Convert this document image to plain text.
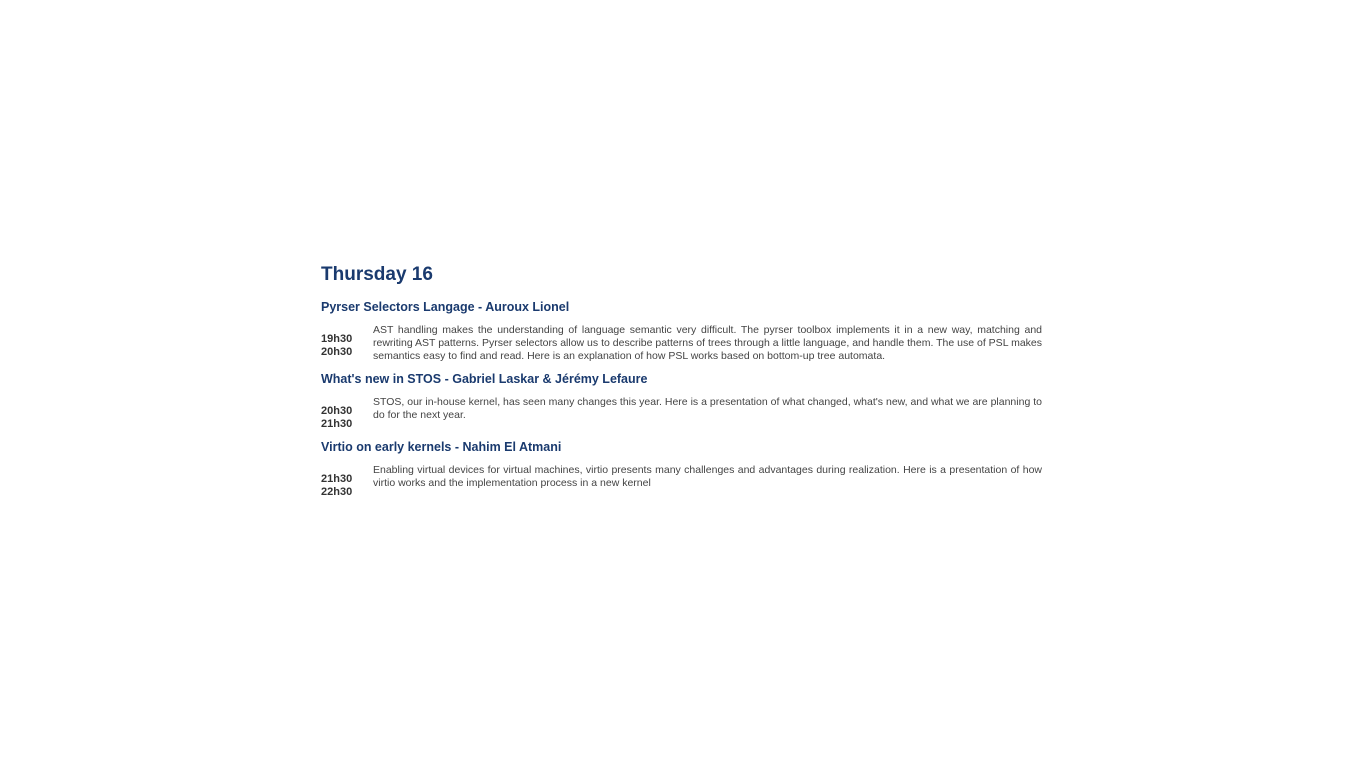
Thursday 16
Pyrser Selectors Langage - Auroux Lionel
19h30
20h30

AST handling makes the understanding of language semantic very difficult. The pyrser toolbox implements it in a new way, matching and rewriting AST patterns. Pyrser selectors allow us to describe patterns of trees through a little language, and handle them. The use of PSL makes semantics easy to find and read. Here is an explanation of how PSL works based on bottom-up tree automata.

What's new in STOS - Gabriel Laskar & Jérémy Lefaure
20h30
21h30

STOS, our in-house kernel, has seen many changes this year. Here is a presentation of what changed, what's new, and what we are planning to do for the next year.

Virtio on early kernels - Nahim El Atmani
21h30
22h30

Enabling virtual devices for virtual machines, virtio presents many challenges and advantages during realization. Here is a presentation of how virtio works and the implementation process in a new kernel
